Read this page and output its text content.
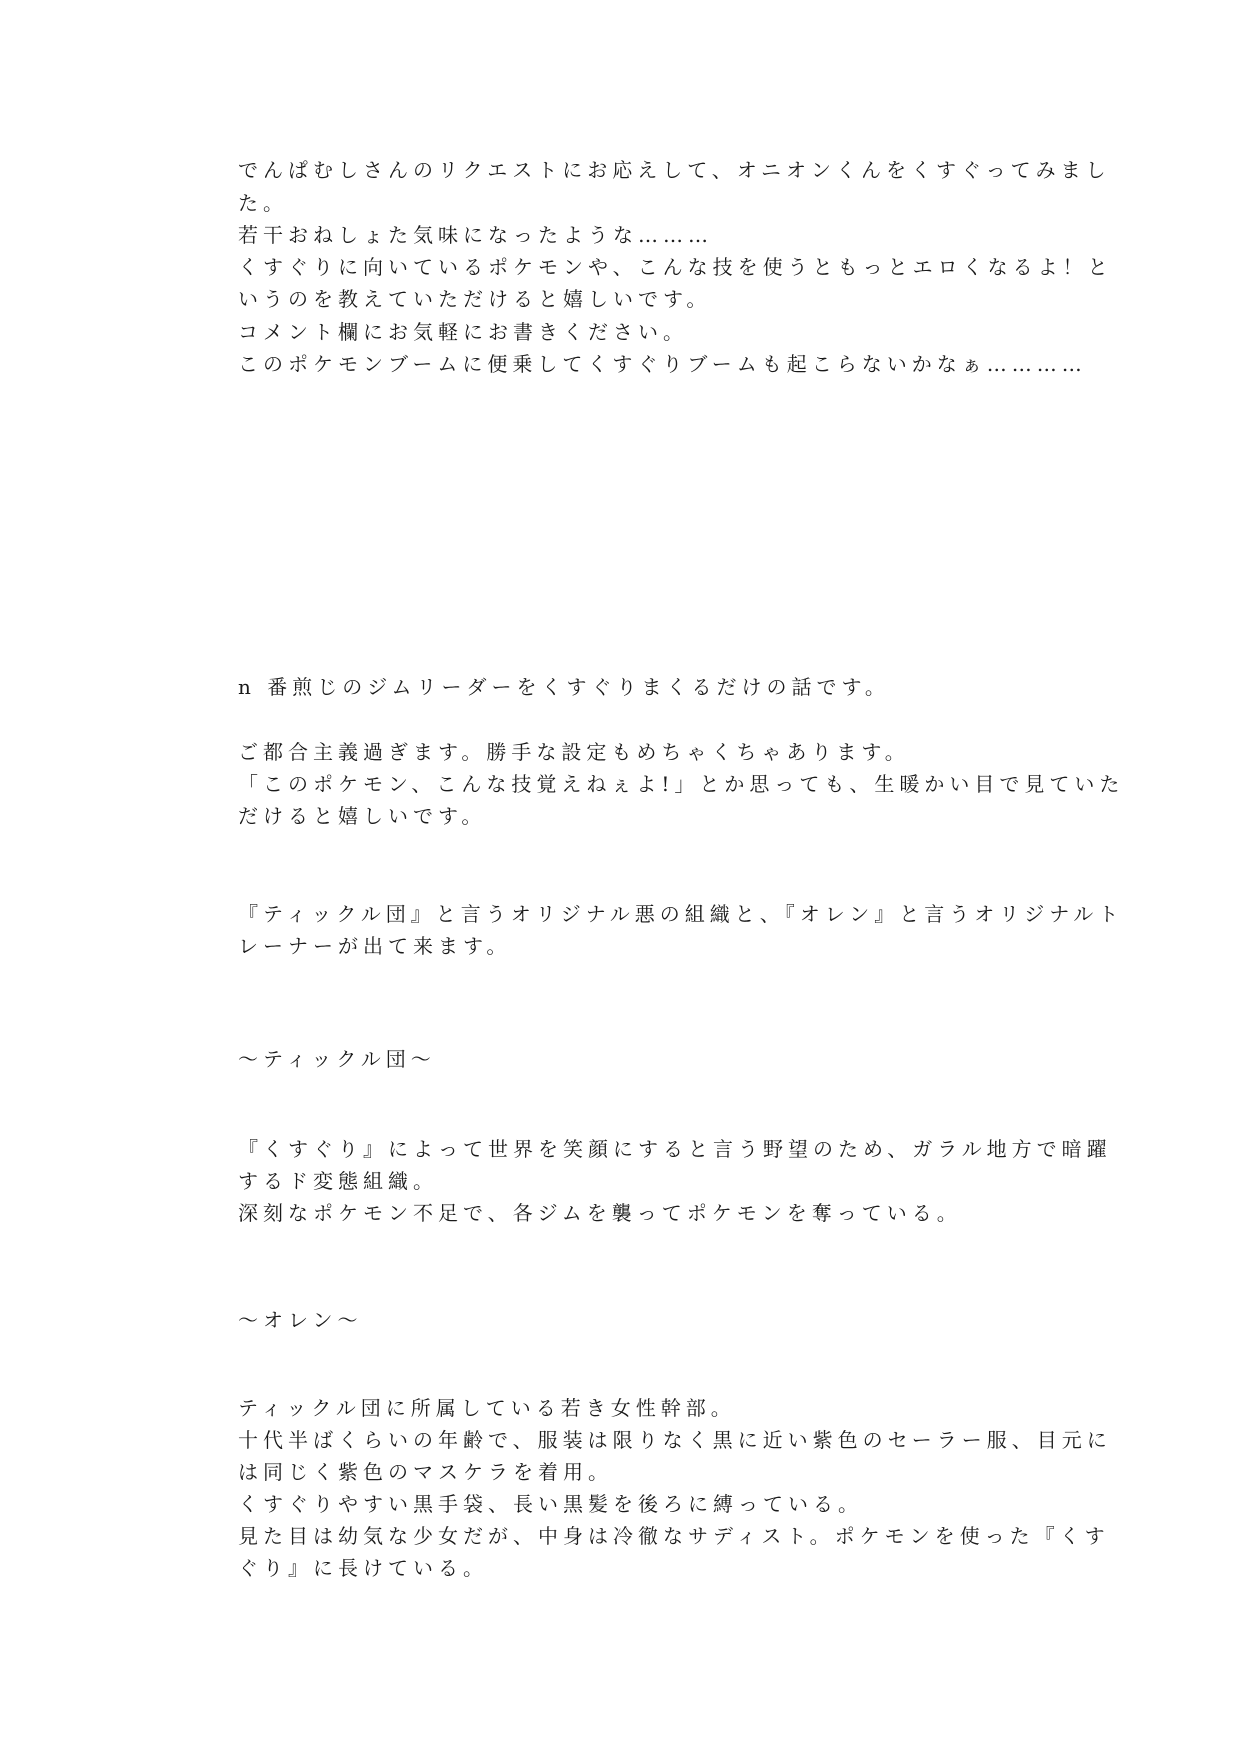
でんぱむしさんのリクエストにお応えして、オニオンくんをくすぐってみまし

た。

若干おねしょた気味になったような………

くすぐりに向いているポケモンや、こんな技を使うともっとエロくなるよ！と

いうのを教えていただけると嬉しいです。

コメント欄にお気軽にお書きください。

このポケモンブームに便乗してくすぐりブームも起こらないかなぁ…………

n 番煎じのジムリーダーをくすぐりまくるだけの話です。

ご都合主義過ぎます。勝手な設定もめちゃくちゃあります。

「このポケモン、こんな技覚えねぇよ!」とか思っても、生暖かい目で見ていた

だけると嬉しいです。

『ティックル団』と言うオリジナル悪の組織と、『オレン』と言うオリジナルト

レーナーが出て来ます。

〜ティックル団〜

『くすぐり』によって世界を笑顔にすると言う野望のため、ガラル地方で暗躍

するド変態組織。

深刻なポケモン不足で、各ジムを襲ってポケモンを奪っている。

〜オレン〜

ティックル団に所属している若き女性幹部。

十代半ばくらいの年齢で、服装は限りなく黒に近い紫色のセーラー服、目元に

は同じく紫色のマスケラを着用。

くすぐりやすい黒手袋、長い黒髪を後ろに縛っている。

見た目は幼気な少女だが、中身は冷徹なサディスト。ポケモンを使った『くす

ぐり』に長けている。
